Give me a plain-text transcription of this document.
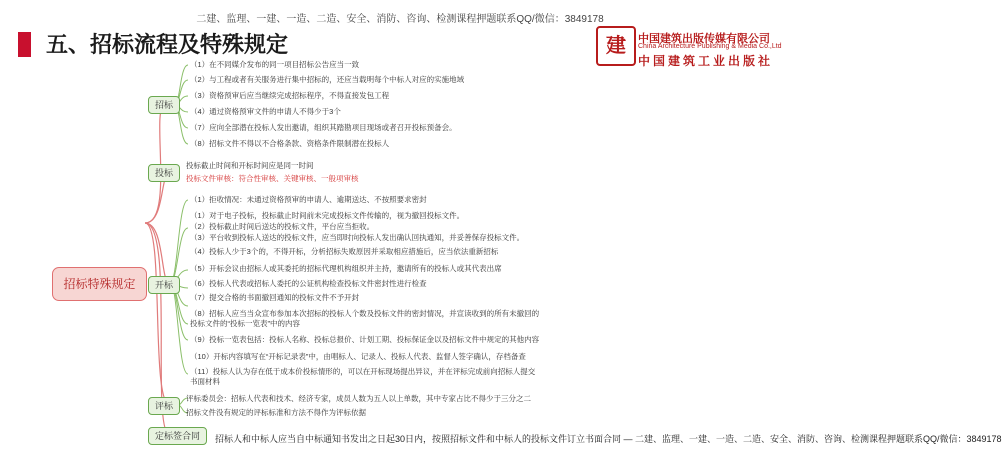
二建、监理、一建、一造、二造、安全、消防、咨询、检测课程押题联系QQ/微信：3849178
五、招标流程及特殊规定	建	中国建筑出版传媒有限公司
China Architecture Publishing & Media Co.,Ltd
中国建筑工业出版社
招标特殊规定
招标
投标
开标
评标
定标签合同
（1）在不同媒介发布的同一项目招标公告应当一致
（2）与工程或者有关服务进行集中招标的，还应当载明每个中标人对应的实施地域
（3）资格预审后应当继续完成招标程序，不得直接发包工程
（4）通过资格预审文件的申请人不得少于3个
（7）应向全部潜在投标人发出邀请，组织其踏勘项目现场或者召开投标预备会。
（8）招标文件不得以不合格条款、资格条件限制潜在投标人
投标截止时间和开标时间应是同一时间
投标文件审核：符合性审核、关键审核、一般项审核
（1）拒收情况：未通过资格预审的申请人、逾期送达、不按照要求密封
（1）对于电子投标，投标截止时间前未完成投标文件传输的，视为撤回投标文件。
（2）投标截止时间后送达的投标文件，平台应当拒收。
（3）平台收到投标人送达的投标文件，应当即时向投标人发出确认回执通知，并妥善保存投标文件。
（4）投标人少于3个的，不得开标，分析招标失败原因并采取相应措施后，应当依法重新招标
（5）开标会议由招标人或其委托的招标代理机构组织并主持，邀请所有的投标人或其代表出席
（6）投标人代表或招标人委托的公证机构检查投标文件密封性进行检查
（7）提交合格的书面撤回通知的投标文件不予开封
（8）招标人应当当众宣布参加本次招标的投标人个数及投标文件的密封情况，并宣读收到的所有未撤回的
投标文件的“投标一览表”中的内容
（9）投标一览表包括：投标人名称、投标总报价、计划工期、投标保证金以及招标文件中规定的其他内容
（10）开标内容填写在“开标记录表”中，由唱标人、记录人、投标人代表、监督人签字确认，存档备查
（11）投标人认为存在低于成本价投标情形的，可以在开标现场提出异议，并在评标完成前向招标人提交
书面材料
评标委员会：招标人代表和技术、经济专家，成员人数为五人以上单数，其中专家占比不得少于三分之二
招标文件没有规定的评标标准和方法不得作为评标依据
招标人和中标人应当自中标通知书发出之日起30日内，按照招标文件和中标人的投标文件订立书面合同 — 二建、监理、一建、一造、二造、安全、消防、咨询、检测课程押题联系QQ/微信：3849178
